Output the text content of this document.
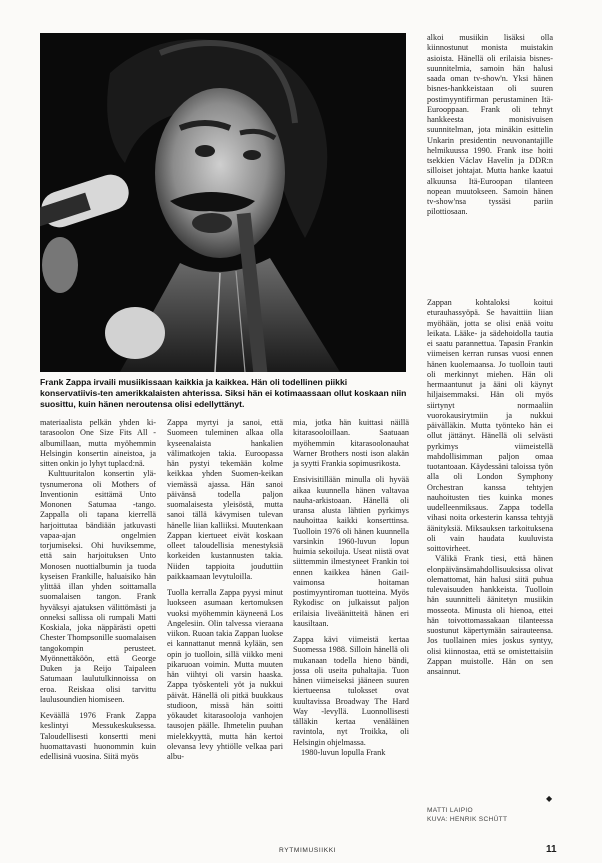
Frank Zappa irvaili musiikissaan kaikkia ja kaikkea. Hän oli todellinen piikki konservatiivis-ten amerikkalaisten ahterissa. Siksi hän ei kotimaassaan ollut koskaan niin suosittu, kuin hänen neroutensa olisi edellyttänyt.

materiaalista pelkän yhden ki-tarasoolon One Size Fits All -albumillaan, mutta myöhemmin Helsingin konsertin aineistoa, ja sitten onkin jo lyhyt tuplacd:nä.

Kulttuuritalon konsertin ylä-tysnumerona oli Mothers of Inventionin esittämä Unto Mononen Satumaa -tango. Zappalla oli tapana kierrellä harjoittutaa bändiään jatkuvasti vapaa-ajan ongelmien torjumiseksi. Ohi huviksemme, että sain harjoituksen Unto Monosen nuottialbumin ja tuoda kyseisen Frankille, haluaisiko hän ylittää illan yhden soittamalla suomalaisen tangon. Frank hyväksyi ajatuksen välittömästi ja onneksi sallissa oli rumpali Matti Koskiala, joka näppärästi opetti Chester Thompsonille suomalaisen tangokompin perusteet. Myönnettäköön, että George Duken ja Reijo Taipaleen Satumaan laulutulkinnoissa on eroa. Reiskaa olisi tarvittu laulusoundien hiomiseen.

Keväällä 1976 Frank Zappa keslintyi Messukeskuksessa. Taloudellisesti konsertti meni huomattavasti huonommin kuin edellisinä vuosina. Siitä myös

Zappa myrtyi ja sanoi, että Suomeen tuleminen alkaa olla kyseenalaista hankalien välimatkojen takia. Euroopassa hän pystyi tekemään kolme keikkaa yhden Suomen-keikan viemässä ajassa. Hän sanoi päivänsä todella paljon suomalaisesta yleisöstä, mutta sanoi tällä kävymisen tulevan hänelle liian kalliiksi. Muutenkaan Zappan kiertueet eivät koskaan olleet taloudellisia menestyksiä korkeiden kustannusten takia. Niiden tappioita jouduttiin paikkaamaan levytuloilla.

Tuolla kerralla Zappa pyysi minut luokseen asumaan kertomuksen vuoksi myöhemmin käyneenä Los Angelesiin. Olin talvessa vieraana viikon. Ruoan takia Zappan luokse ei kannattanut mennä kylään, sen opin jo tuolloin, sillä viikko meni pikaruoan voimin. Mutta muuten hän viihtyi oli varsin haaska. Zappa työskenteli yöt ja nukkui päivät. Hänellä oli pitkä buukkaus studioon, missä hän soitti yökaudet kitarasooloja vanhojen tausojen päälle. Ihmetelin puuhan mielekkyyttä, mutta hän kertoi olevansa levy yhtiölle velkaa pari albu-

mia, jotka hän kuittasi näillä kitarasooloillaan. Saatuaan myöhemmin kitarasoolonauhat Warner Brothers nosti ison alakän ja syytti Frankia sopimusrikosta.

Ensivisitillään minulla oli hyvää aikaa kuunnella hänen valtavaa nauha-arkistoaan. Hänellä oli uransa alusta lähtien pyrkimys nauhoittaa kaikki konserttinsa. Tuolloin 1976 oli hänen kuunnella varsinkin 1960-luvun lopun huimia sekoiluja. Useat niistä ovat siittemmin ilmestyneet Frankin toi ennen kaikkea hänen Gail-vaimonsa hoitaman postimyyntiroman tuotteina. Myös Rykodisc on julkaissut paljon erilaisia liveäänitteitä hänen eri kausiltaan.

Zappa kävi viimeistä kertaa Suomessa 1988. Silloin hänellä oli mukanaan todella hieno bändi, jossa oli useita puhaltajia. Tuon hänen viimeiseksi jääneen suuren kiertueensa tuloksset ovat kuultavissa Broadway The Hard Way -levyllä. Luonnollisesti tälläkin kertaa venäläinen ravintola, nyt Troikka, oli Helsingin ohjelmassa.

1980-luvun lopulla Frank

alkoi musiikin lisäksi olla kiinnostunut monista muistakin asioista. Hänellä oli erilaisia bisnes-suunnitelmia, samoin hän halusi saada oman tv-show'n. Yksi hänen bisnes-hankkeistaan oli suuren postimyyntifirman perustaminen Itä-Eurooppaan. Frank oli tehnyt hankkeesta monisivuisen suunnitelman, jota minäkin esittelin Unkarin presidentin neuvonantajille helmikuussa 1990. Frank itse hoiti tsekkien Václav Havelin ja DDR:n silloiset johtajat. Mutta hanke kaatui alkuunsa Itä-Euroopan tilanteen nopean muutokseen. Samoin hänen tv-show'nsa tyssäsi pariin pilottiosaan.

Zappan kohtaloksi koitui eturauhassyöpä. Se havaittiin liian myöhään, jotta se olisi enää voitu leikata. Lääke- ja sädehoidolla tautia ei saatu parannettua. Tapasin Frankin viimeisen kerran runsas vuosi ennen hänen kuolemaansa. Jo tuolloin tauti oli merkinnyt miehen. Hän oli hermaantunut ja ääni oli käynyt hiljaisemmaksi. Hän oli myös siirtynyt normaaliin vuorokausirytmiin ja nukkui päivälläkin. Mutta työnteko hän ei ollut jättänyt. Hänellä oli selvästi pyrkimys viimeistellä mahdollisimman paljon omaa tuotantoaan. Käydessäni taloissa työn alla oli London Symphony Orchestran kanssa tehtyjen nauhoitusten ties kuinka mones uudelleenmiksaus. Zappa todella vihasi noita orkesterin kanssa tehtyjä äänityksiä. Miksauksen tarkoituksena oli vain haudata kuuluvista soittovirheet.

Välikä Frank tiesi, että hänen elonpäivänsämahdollisuuksissa olivat olemattomat, hän halusi siitä puhua tulevaisuuden hankkeista. Tuolloin hän suunnitteli äänitetyn musiikin mosseota. Minusta oli hienoa, ettei hän toivottomassakaan tilanteessa suostunut käpertymään sairauteensa. Jos tuollainen mies joskus syntyy, olisi kiinnostaa, että se omistettaisiin Zappan muistolle. Hän on sen ansainnut.

◆
MATTI LAIPIO
KUVA: HENRIK SCHÜTT
RYTMIMUSIIKKI	11
